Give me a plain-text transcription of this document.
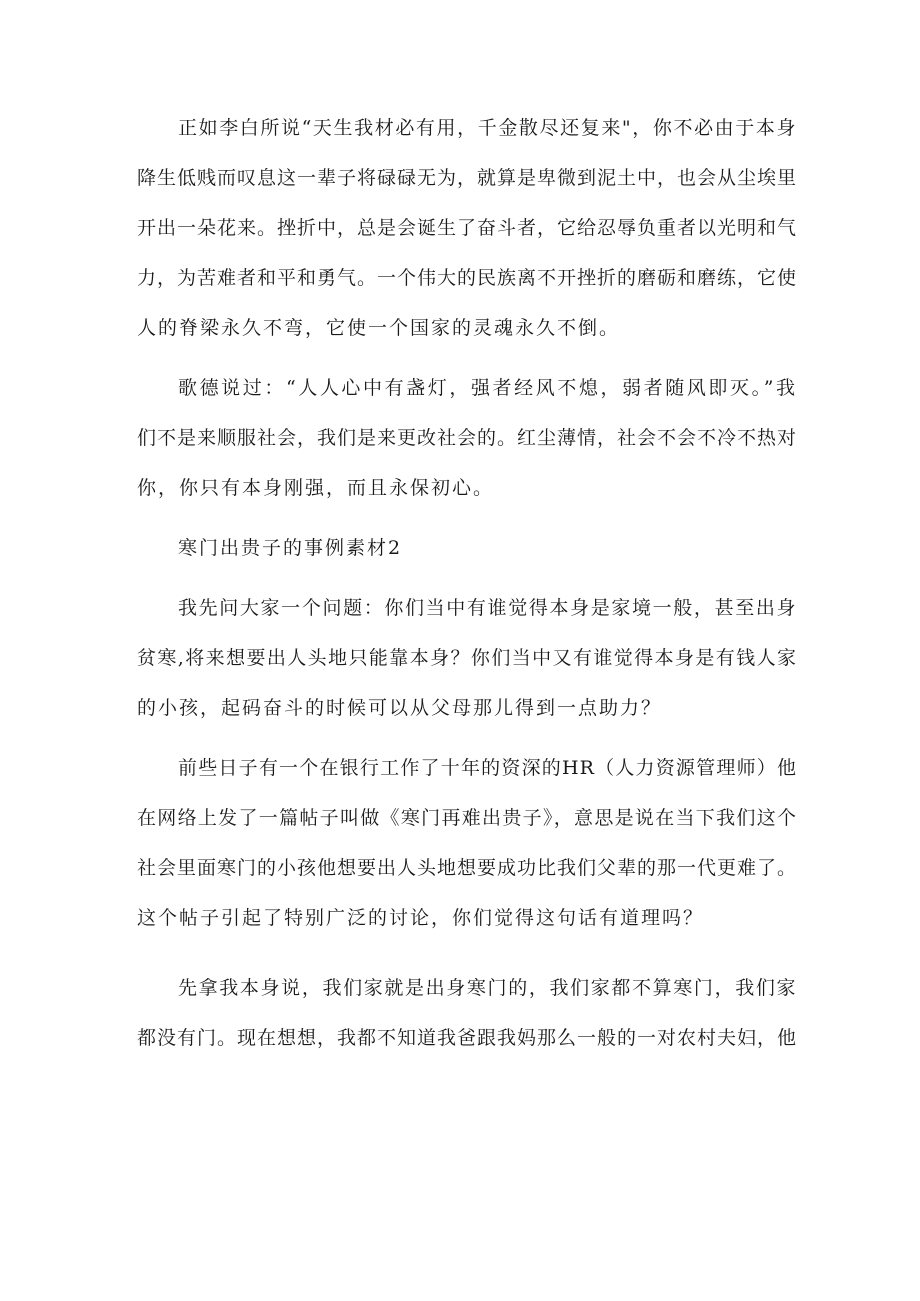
正如李白所说“天生我材必有用，千金散尽还复来"，你不必由于本身
降生低贱而叹息这一辈子将碌碌无为，就算是卑微到泥土中，也会从尘埃里
开出一朵花来。挫折中，总是会诞生了奋斗者，它给忍辱负重者以光明和气
力，为苦难者和平和勇气。一个伟大的民族离不开挫折的磨砺和磨练，它使
人的脊梁永久不弯，它使一个国家的灵魂永久不倒。
歌德说过：“人人心中有盏灯，强者经风不熄，弱者随风即灭。”我
们不是来顺服社会，我们是来更改社会的。红尘薄情，社会不会不冷不热对
你，你只有本身刚强，而且永保初心。
寒门出贵子的事例素材2
我先问大家一个问题：你们当中有谁觉得本身是家境一般，甚至出身
贫寒,将来想要出人头地只能靠本身？你们当中又有谁觉得本身是有钱人家
的小孩，起码奋斗的时候可以从父母那儿得到一点助力？
前些日子有一个在银行工作了十年的资深的HR（人力资源管理师）他
在网络上发了一篇帖子叫做《寒门再难出贵子》，意思是说在当下我们这个
社会里面寒门的小孩他想要出人头地想要成功比我们父辈的那一代更难了。
这个帖子引起了特别广泛的讨论，你们觉得这句话有道理吗？
先拿我本身说，我们家就是出身寒门的，我们家都不算寒门，我们家
都没有门。现在想想，我都不知道我爸跟我妈那么一般的一对农村夫妇，他
